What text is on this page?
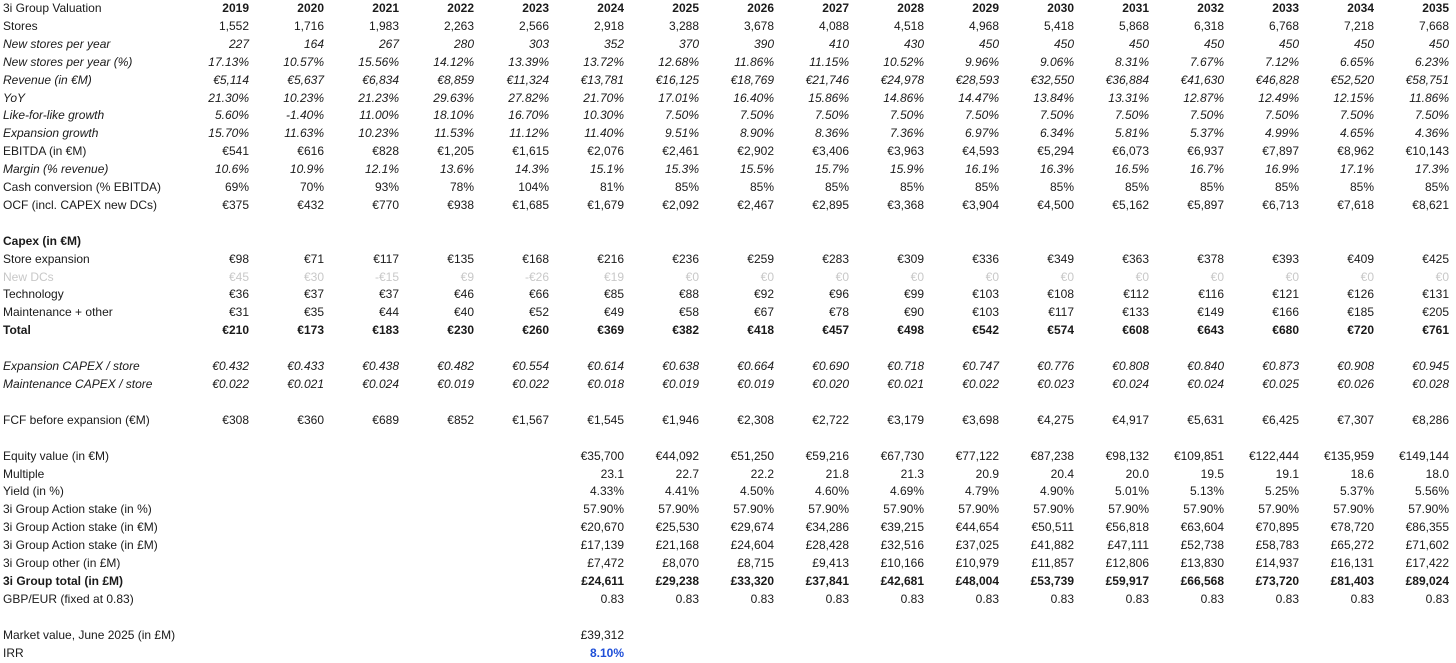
3i Group Valuation	2019	2020	2021	2022	2023	2024	2025	2026	2027	2028	2029	2030	2031	2032	2033	2034	2035
Stores	1,552	1,716	1,983	2,263	2,566	2,918	3,288	3,678	4,088	4,518	4,968	5,418	5,868	6,318	6,768	7,218	7,668
New stores per year	227	164	267	280	303	352	370	390	410	430	450	450	450	450	450	450	450
New stores per year (%)	17.13%	10.57%	15.56%	14.12%	13.39%	13.72%	12.68%	11.86%	11.15%	10.52%	9.96%	9.06%	8.31%	7.67%	7.12%	6.65%	6.23%
Revenue (in €M)	€5,114	€5,637	€6,834	€8,859	€11,324	€13,781	€16,125	€18,769	€21,746	€24,978	€28,593	€32,550	€36,884	€41,630	€46,828	€52,520	€58,751
YoY	21.30%	10.23%	21.23%	29.63%	27.82%	21.70%	17.01%	16.40%	15.86%	14.86%	14.47%	13.84%	13.31%	12.87%	12.49%	12.15%	11.86%
Like-for-like growth	5.60%	-1.40%	11.00%	18.10%	16.70%	10.30%	7.50%	7.50%	7.50%	7.50%	7.50%	7.50%	7.50%	7.50%	7.50%	7.50%	7.50%
Expansion growth	15.70%	11.63%	10.23%	11.53%	11.12%	11.40%	9.51%	8.90%	8.36%	7.36%	6.97%	6.34%	5.81%	5.37%	4.99%	4.65%	4.36%
EBITDA (in €M)	€541	€616	€828	€1,205	€1,615	€2,076	€2,461	€2,902	€3,406	€3,963	€4,593	€5,294	€6,073	€6,937	€7,897	€8,962	€10,143
Margin (% revenue)	10.6%	10.9%	12.1%	13.6%	14.3%	15.1%	15.3%	15.5%	15.7%	15.9%	16.1%	16.3%	16.5%	16.7%	16.9%	17.1%	17.3%
Cash conversion (% EBITDA)	69%	70%	93%	78%	104%	81%	85%	85%	85%	85%	85%	85%	85%	85%	85%	85%	85%
OCF (incl. CAPEX new DCs)	€375	€432	€770	€938	€1,685	€1,679	€2,092	€2,467	€2,895	€3,368	€3,904	€4,500	€5,162	€5,897	€6,713	€7,618	€8,621

Capex (in €M)																	
Store expansion	€98	€71	€117	€135	€168	€216	€236	€259	€283	€309	€336	€349	€363	€378	€393	€409	€425
New DCs	€45	€30	-€15	€9	-€26	€19	€0	€0	€0	€0	€0	€0	€0	€0	€0	€0	€0
Technology	€36	€37	€37	€46	€66	€85	€88	€92	€96	€99	€103	€108	€112	€116	€121	€126	€131
Maintenance + other	€31	€35	€44	€40	€52	€49	€58	€67	€78	€90	€103	€117	€133	€149	€166	€185	€205
Total	€210	€173	€183	€230	€260	€369	€382	€418	€457	€498	€542	€574	€608	€643	€680	€720	€761

Expansion CAPEX / store	€0.432	€0.433	€0.438	€0.482	€0.554	€0.614	€0.638	€0.664	€0.690	€0.718	€0.747	€0.776	€0.808	€0.840	€0.873	€0.908	€0.945
Maintenance CAPEX / store	€0.022	€0.021	€0.024	€0.019	€0.022	€0.018	€0.019	€0.019	€0.020	€0.021	€0.022	€0.023	€0.024	€0.024	€0.025	€0.026	€0.028

FCF before expansion (€M)	€308	€360	€689	€852	€1,567	€1,545	€1,946	€2,308	€2,722	€3,179	€3,698	€4,275	€4,917	€5,631	€6,425	€7,307	€8,286

Equity value (in €M)						€35,700	€44,092	€51,250	€59,216	€67,730	€77,122	€87,238	€98,132	€109,851	€122,444	€135,959	€149,144
Multiple						23.1	22.7	22.2	21.8	21.3	20.9	20.4	20.0	19.5	19.1	18.6	18.0
Yield (in %)						4.33%	4.41%	4.50%	4.60%	4.69%	4.79%	4.90%	5.01%	5.13%	5.25%	5.37%	5.56%
3i Group Action stake (in %)						57.90%	57.90%	57.90%	57.90%	57.90%	57.90%	57.90%	57.90%	57.90%	57.90%	57.90%	57.90%
3i Group Action stake (in €M)						€20,670	€25,530	€29,674	€34,286	€39,215	€44,654	€50,511	€56,818	€63,604	€70,895	€78,720	€86,355
3i Group Action stake (in £M)						£17,139	£21,168	£24,604	£28,428	£32,516	£37,025	£41,882	£47,111	£52,738	£58,783	£65,272	£71,602
3i Group other (in £M)						£7,472	£8,070	£8,715	£9,413	£10,166	£10,979	£11,857	£12,806	£13,830	£14,937	£16,131	£17,422
3i Group total (in £M)						£24,611	£29,238	£33,320	£37,841	£42,681	£48,004	£53,739	£59,917	£66,568	£73,720	£81,403	£89,024
GBP/EUR (fixed at 0.83)						0.83	0.83	0.83	0.83	0.83	0.83	0.83	0.83	0.83	0.83	0.83	0.83

Market value, June 2025 (in £M)						£39,312											
IRR						8.10%											
